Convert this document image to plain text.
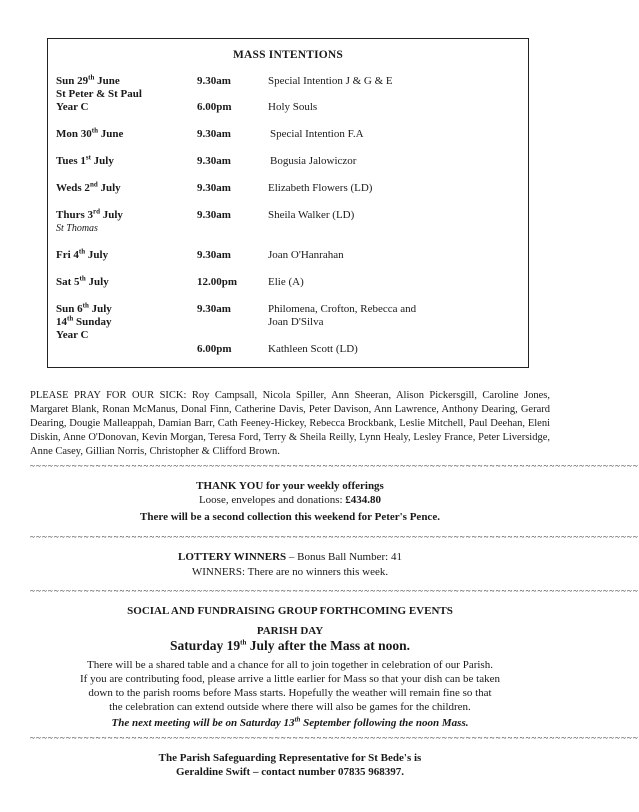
MASS INTENTIONS
Sun 29th June
St Peter & St Paul
Year C
9.30am	Special Intention J & G & E
6.00pm	Holy Souls
Mon 30th June	9.30am	Special Intention F.A
Tues 1st July	9.30am	Bogusia Jalowiczor
Weds 2nd July	9.30am	Elizabeth Flowers (LD)
Thurs 3rd July
St Thomas
9.30am	Sheila Walker (LD)
Fri 4th July	9.30am	Joan O'Hanrahan
Sat 5th July	12.00pm	Elie (A)
Sun 6th July
14th Sunday
Year C
9.30am	Philomena, Crofton, Rebecca and
Joan D'Silva
6.00pm	Kathleen Scott (LD)
PLEASE PRAY FOR OUR SICK: Roy Campsall, Nicola Spiller, Ann Sheeran, Alison Pickersgill, Caroline Jones, Margaret Blank, Ronan McManus, Donal Finn, Catherine Davis, Peter Davison, Ann Lawrence, Anthony Dearing, Gerard Dearing, Dougie Malleappah, Damian Barr, Cath Feeney-Hickey, Rebecca Brockbank, Leslie Mitchell, Paul Deehan, Eleni Diskin, Anne O'Donovan, Kevin Morgan, Teresa Ford, Terry & Sheila Reilly, Lynn Healy, Lesley France, Peter Liversidge, Anne Casey, Gillian Norris, Christopher & Clifford Brown.
~~~~~~~~~~~~~~~~~~~~~~~~~~~~~~~~~~~~~~~~~~~~~~~~~~~~~~~~~~~~~~~~~~~~~~~~~~~~~~~~~~~~~~~~~~~~~~~~~~~~~~
THANK YOU for your weekly offerings
Loose, envelopes and donations: £434.80
There will be a second collection this weekend for Peter's Pence.
~~~~~~~~~~~~~~~~~~~~~~~~~~~~~~~~~~~~~~~~~~~~~~~~~~~~~~~~~~~~~~~~~~~~~~~~~~~~~~~~~~~~~~~~~~~~~~~~~~~~~~
LOTTERY WINNERS – Bonus Ball Number: 41
WINNERS: There are no winners this week.
~~~~~~~~~~~~~~~~~~~~~~~~~~~~~~~~~~~~~~~~~~~~~~~~~~~~~~~~~~~~~~~~~~~~~~~~~~~~~~~~~~~~~~~~~~~~~~~~~~~~~~
SOCIAL AND FUNDRAISING GROUP FORTHCOMING EVENTS
PARISH DAY
Saturday 19th July after the Mass at noon.
There will be a shared table and a chance for all to join together in celebration of our Parish.
If you are contributing food, please arrive a little earlier for Mass so that your dish can be taken
down to the parish rooms before Mass starts. Hopefully the weather will remain fine so that
the celebration can extend outside where there will also be games for the children.
The next meeting will be on Saturday 13th September following the noon Mass.
~~~~~~~~~~~~~~~~~~~~~~~~~~~~~~~~~~~~~~~~~~~~~~~~~~~~~~~~~~~~~~~~~~~~~~~~~~~~~~~~~~~~~~~~~~~~~~~~~~~~~~
The Parish Safeguarding Representative for St Bede's is
Geraldine Swift – contact number 07835 968397.
